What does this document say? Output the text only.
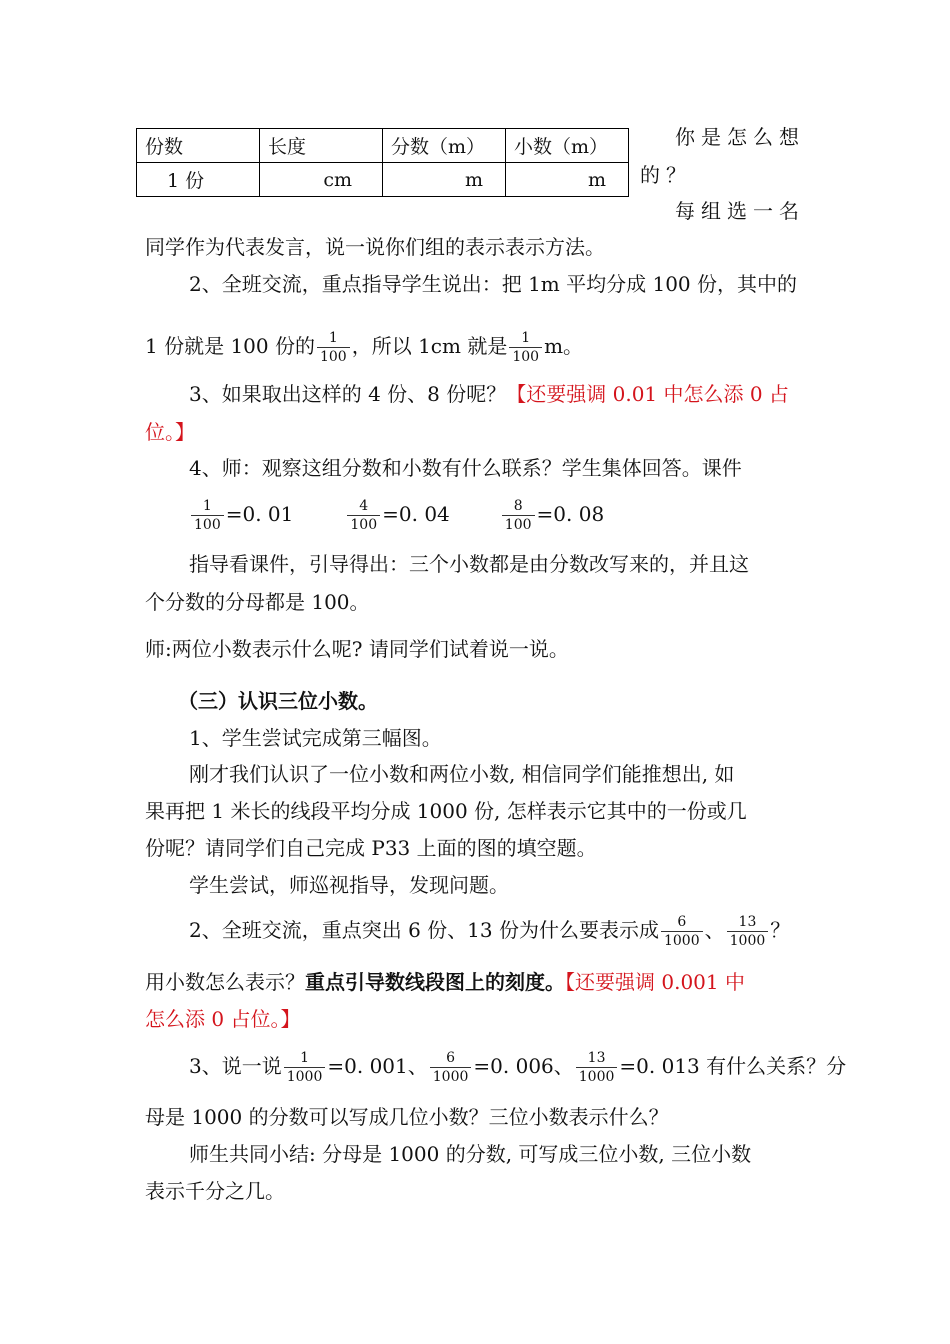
份数	长度	分数（m）	小数（m）
1 份	cm	m	m
你是怎么想
的？
每组选一名
同学作为代表发言，说一说你们组的表示表示方法。
2、全班交流，重点指导学生说出：把 1m 平均分成 100 份，其中的
1 份就是 100 份的 $\frac{1}{100}$ ，所以 1cm 就是 $\frac{1}{100}$ m。
3、如果取出这样的 4 份、8 份呢？【还要强调 0.01 中怎么添 0 占
位。】
4、师：观察这组分数和小数有什么联系？学生集体回答。课件
$\frac{1}{100} =0$. 01	$\frac{4}{100} =0$. 04	$\frac{8}{100} =0$. 08
指导看课件，引导得出：三个小数都是由分数改写来的，并且这
个分数的分母都是 100。
师:两位小数表示什么呢? 请同学们试着说一说。
（三）认识三位小数。
1、学生尝试完成第三幅图。
刚才我们认识了一位小数和两位小数, 相信同学们能推想出, 如
果再把 1 米长的线段平均分成 1000 份, 怎样表示它其中的一份或几
份呢？请同学们自己完成 P33 上面的图的填空题。
学生尝试，师巡视指导，发现问题。
2、全班交流，重点突出 6 份、13 份为什么要表示成 $\frac{6}{1000}$ 、 $\frac{13}{1000}$ ？
用小数怎么表示？重点引导数线段图上的刻度。【还要强调 0.001 中
怎么添 0 占位。】
3、说一说 $\frac{1}{1000} =0$. 001、 $\frac{6}{1000} =0$. 006、 $\frac{13}{1000} =0$. 013 有什么关系？分
母是 1000 的分数可以写成几位小数？三位小数表示什么？
师生共同小结: 分母是 1000 的分数, 可写成三位小数, 三位小数
表示千分之几。
